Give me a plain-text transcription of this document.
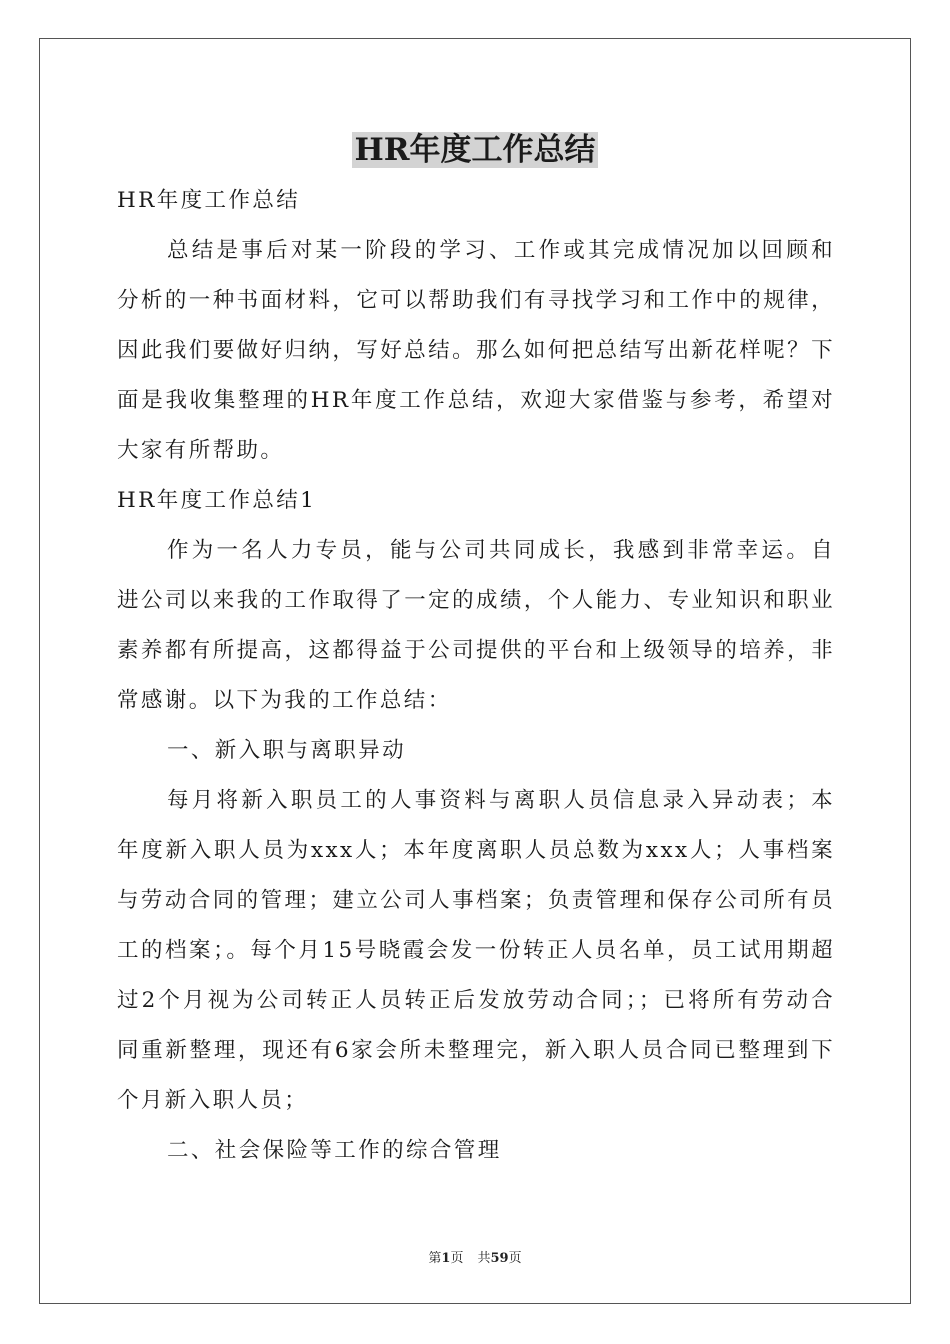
HR年度工作总结

HR年度工作总结

总结是事后对某一阶段的学习、工作或其完成情况加以回顾和分析的一种书面材料，它可以帮助我们有寻找学习和工作中的规律，因此我们要做好归纳，写好总结。那么如何把总结写出新花样呢？下面是我收集整理的HR年度工作总结，欢迎大家借鉴与参考，希望对大家有所帮助。

HR年度工作总结1

作为一名人力专员，能与公司共同成长，我感到非常幸运。自进公司以来我的工作取得了一定的成绩，个人能力、专业知识和职业素养都有所提高，这都得益于公司提供的平台和上级领导的培养，非常感谢。以下为我的工作总结：

一、新入职与离职异动

每月将新入职员工的人事资料与离职人员信息录入异动表；本年度新入职人员为xxx人；本年度离职人员总数为xxx人；人事档案与劳动合同的管理；建立公司人事档案；负责管理和保存公司所有员工的档案；。每个月15号晓霞会发一份转正人员名单，员工试用期超过2个月视为公司转正人员转正后发放劳动合同；；已将所有劳动合同重新整理，现还有6家会所未整理完，新入职人员合同已整理到下个月新入职人员；

二、社会保险等工作的综合管理

第1页 共59页
